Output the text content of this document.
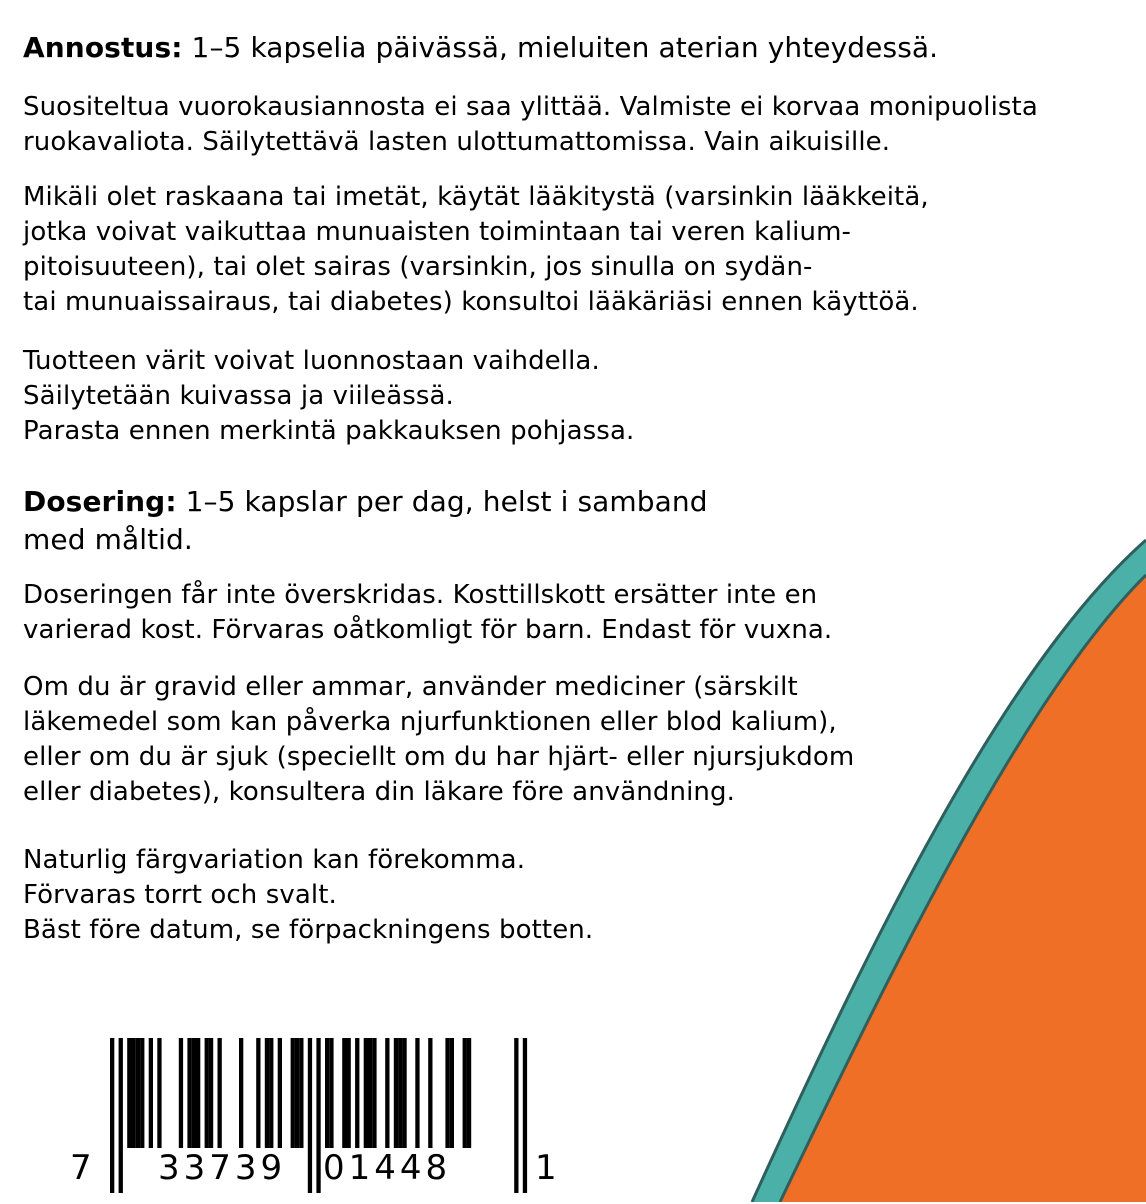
Annostus: 1–5 kapselia päivässä, mieluiten aterian yhteydessä.

Suositeltua vuorokausiannosta ei saa ylittää. Valmiste ei korvaa monipuolista
ruokavaliota. Säilytettävä lasten ulottumattomissa. Vain aikuisille.

Mikäli olet raskaana tai imetät, käytät lääkitystä (varsinkin lääkkeitä,
jotka voivat vaikuttaa munuaisten toimintaan tai veren kalium-
pitoisuuteen), tai olet sairas (varsinkin, jos sinulla on sydän-
tai munuaissairaus, tai diabetes) konsultoi lääkäriäsi ennen käyttöä.

Tuotteen värit voivat luonnostaan vaihdella.
Säilytetään kuivassa ja viileässä.
Parasta ennen merkintä pakkauksen pohjassa.

Dosering: 1–5 kapslar per dag, helst i samband
med måltid.

Doseringen får inte överskridas. Kosttillskott ersätter inte en
varierad kost. Förvaras oåtkomligt för barn. Endast för vuxna.

Om du är gravid eller ammar, använder mediciner (särskilt
läkemedel som kan påverka njurfunktionen eller blod kalium),
eller om du är sjuk (speciellt om du har hjärt- eller njursjukdom
eller diabetes), konsultera din läkare före användning.

Naturlig färgvariation kan förekomma.
Förvaras torrt och svalt.
Bäst före datum, se förpackningens botten.

7 33739 01448 1
